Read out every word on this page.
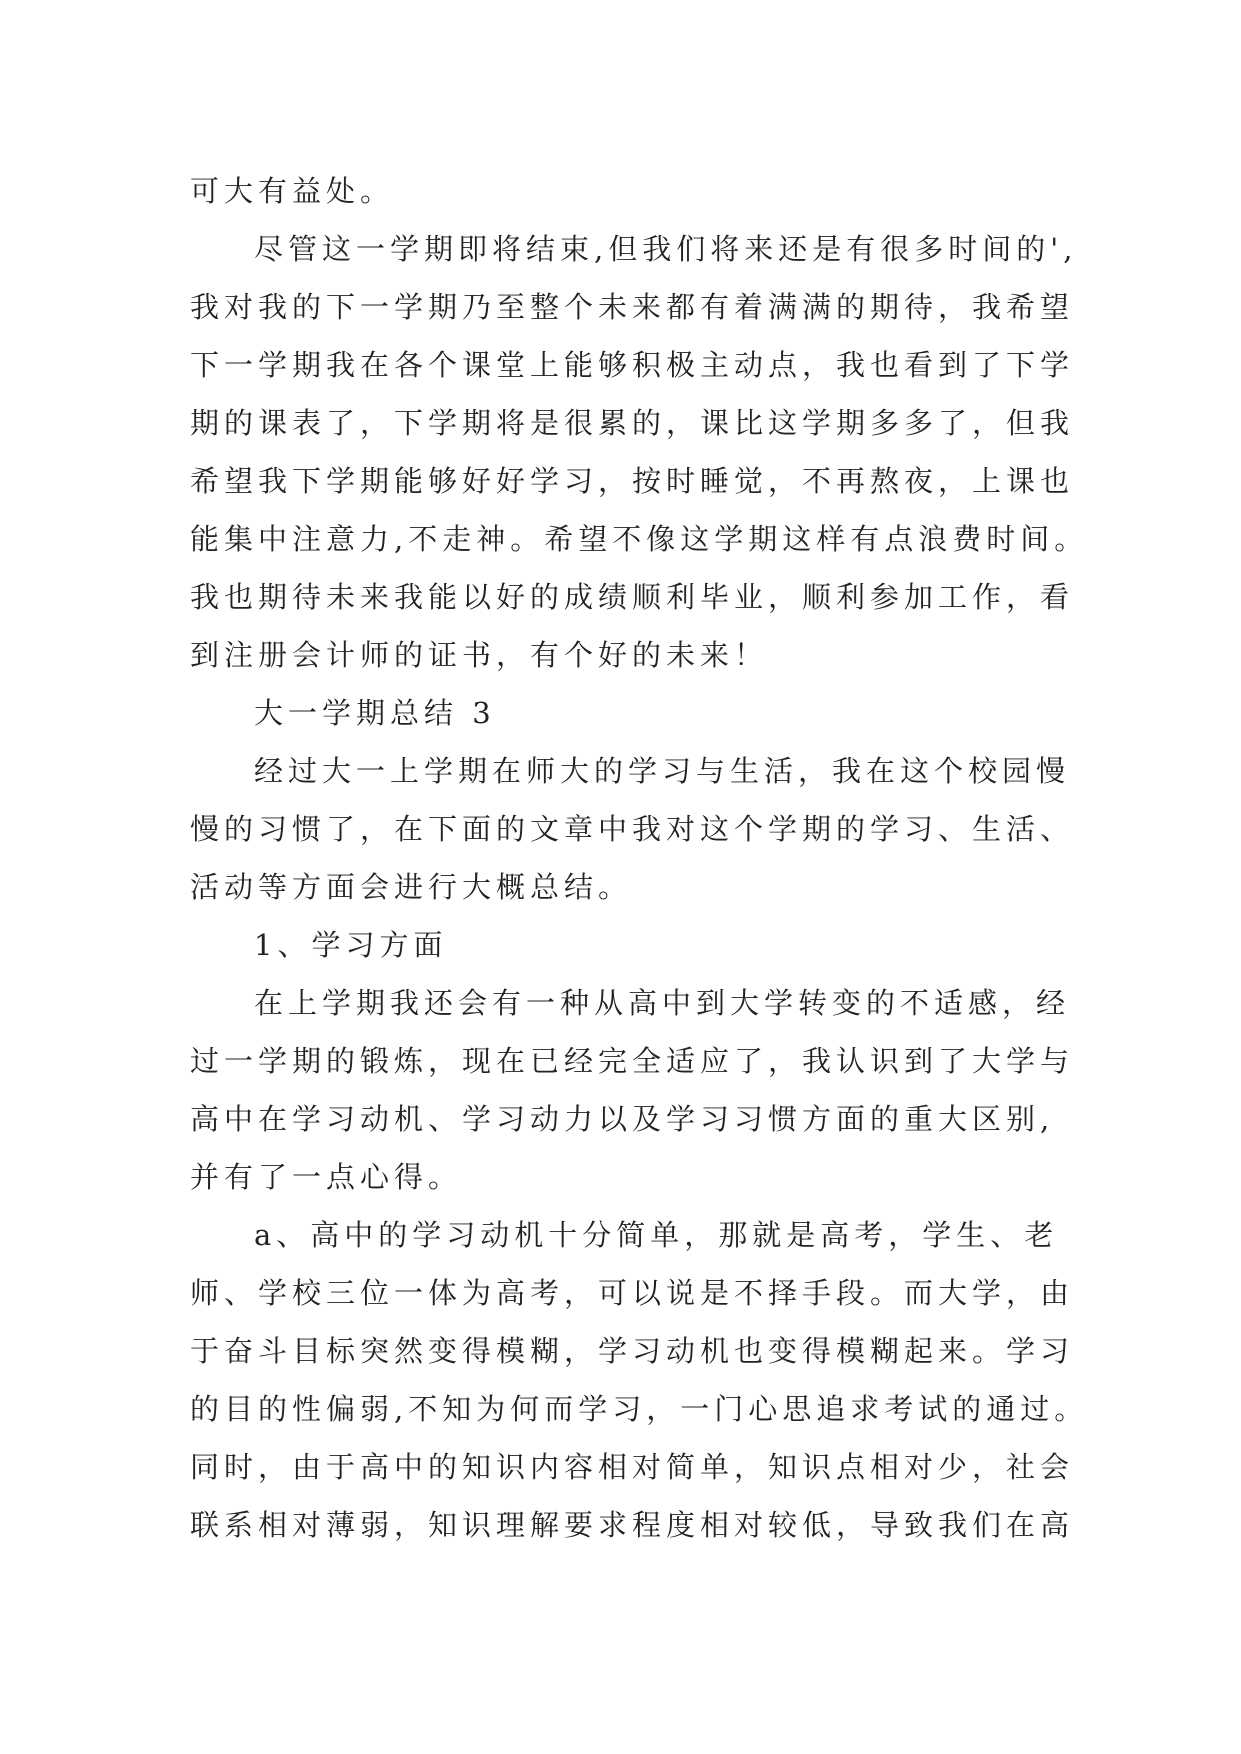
可大有益处。
尽管这一学期即将结束,但我们将来还是有很多时间的',
我对我的下一学期乃至整个未来都有着满满的期待，我希望
下一学期我在各个课堂上能够积极主动点，我也看到了下学
期的课表了，下学期将是很累的，课比这学期多多了，但我
希望我下学期能够好好学习，按时睡觉，不再熬夜，上课也
能集中注意力,不走神。希望不像这学期这样有点浪费时间。
我也期待未来我能以好的成绩顺利毕业，顺利参加工作，看
到注册会计师的证书，有个好的未来！
大一学期总结 3
经过大一上学期在师大的学习与生活，我在这个校园慢
慢的习惯了，在下面的文章中我对这个学期的学习、生活、
活动等方面会进行大概总结。
1、学习方面
在上学期我还会有一种从高中到大学转变的不适感，经
过一学期的锻炼，现在已经完全适应了，我认识到了大学与
高中在学习动机、学习动力以及学习习惯方面的重大区别,
并有了一点心得。
a、高中的学习动机十分简单，那就是高考，学生、老
师、学校三位一体为高考，可以说是不择手段。而大学，由
于奋斗目标突然变得模糊，学习动机也变得模糊起来。学习
的目的性偏弱,不知为何而学习，一门心思追求考试的通过。
同时，由于高中的知识内容相对简单，知识点相对少，社会
联系相对薄弱，知识理解要求程度相对较低，导致我们在高
